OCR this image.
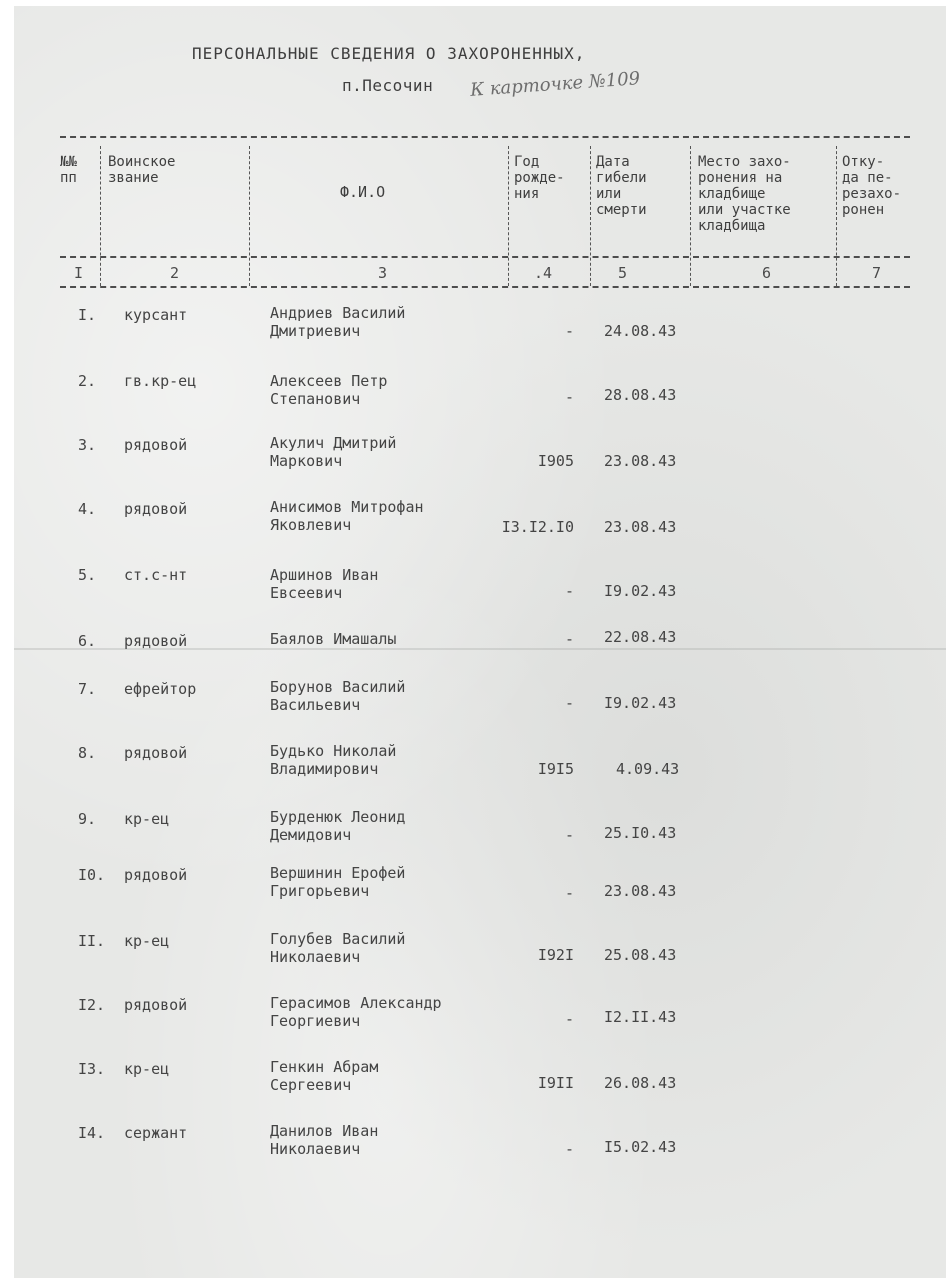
ПЕРСОНАЛЬНЫЕ СВЕДЕНИЯ О ЗАХОРОНЕННЫХ,
п.Песочин К карточке №109
№№
пп
Воинское
звание
Ф.И.О
Год
рожде-
ния
Дата
гибели
или
смерти
Место захо-
ронения на
кладбище
или участке
кладбища
Отку-
да пе-
резахо-
ронен
I	2	3	.4	5	6	7
I. курсант	Андриев Василий
Дмитриевич	- 24.08.43
2. гв.кр-ец	Алексеев Петр
Степанович	- 28.08.43
3. рядовой	Акулич Дмитрий
Маркович	I905 23.08.43
4. рядовой	Анисимов Митрофан
Яковлевич	I3.I2.I0 23.08.43
5. ст.с-нт	Аршинов Иван
Евсеевич	- I9.02.43
6. рядовой	Баялов Имашалы	- 22.08.43
7. ефрейтор	Борунов Василий
Васильевич	- I9.02.43
8. рядовой	Будько Николай
Владимирович	I9I5	4.09.43
9. кр-ец	Бурденюк Леонид
Демидович	- 25.I0.43
I0. рядовой	Вершинин Ерофей
Григорьевич	- 23.08.43
II. кр-ец	Голубев Василий
Николаевич	I92I 25.08.43
I2. рядовой	Герасимов Александр
Георгиевич	- I2.II.43
I3. кр-ец	Генкин Абрам
Сергеевич	I9II 26.08.43
I4. сержант	Данилов Иван
Николаевич	- I5.02.43
